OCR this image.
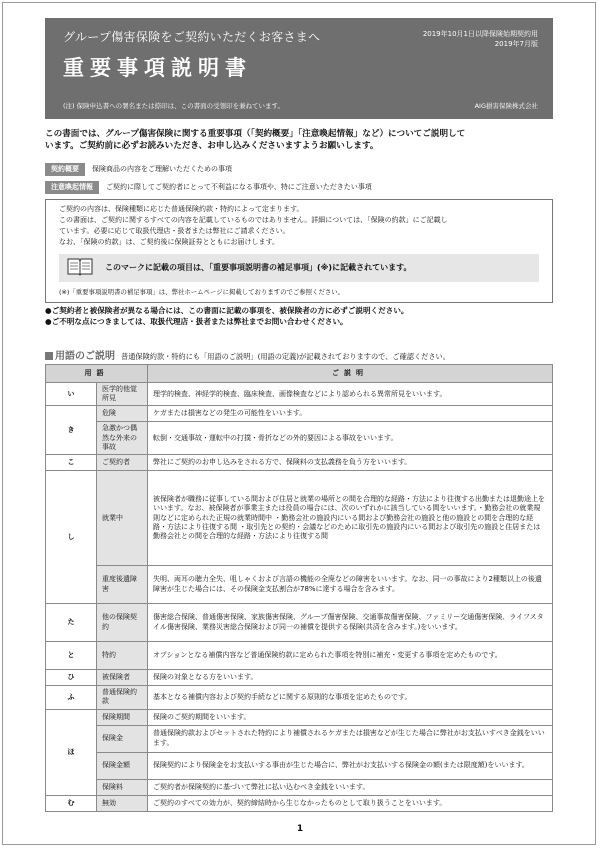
グループ傷害保険をご契約いただくお客さまへ
重要事項説明書
2019年10月1日以降保険始期契約用
2019年7月版
(注) 保険申込書への署名または捺印は、この書面の受領印を兼ねています。	AIG損害保険株式会社
この書面では、グループ傷害保険に関する重要事項（「契約概要」「注意喚起情報」など）についてご説明して
います。ご契約前に必ずお読みいただき、お申し込みくださいますようお願いします。
契約概要	保険商品の内容をご理解いただくための事項
注意喚起情報	ご契約に際してご契約者にとって不利益になる事項や、特にご注意いただきたい事項
ご契約の内容は、保険種類に応じた普通保険約款・特約によって定まります。
この書面は、ご契約に関するすべての内容を記載しているものではありません。詳細については、「保険の約款」にご記載し
ています。必要に応じて取扱代理店・扱者または弊社にご請求ください。
なお、「保険の約款」は、ご契約後に保険証券とともにお届けします。
このマークに記載の項目は、「重要事項説明書の補足事項」(※)に記載されています。
(※)「重要事項説明書の補足事項」は、弊社ホームページに掲載しておりますのでご参照ください。
●ご契約者と被保険者が異なる場合には、この書面に記載の事項を、被保険者の方に必ずご説明ください。
●ご不明な点につきましては、取扱代理店・扱者または弊社までお問い合わせください。
用語のご説明 普通保険約款・特約にも「用語のご説明」(用語の定義)が記載されておりますので、ご確認ください。
用語		ご説明
い	医学的他覚所見	理学的検査、神経学的検査、臨床検査、画像検査などにより認められる異常所見をいいます。
き	危険	ケガまたは損害などの発生の可能性をいいます。
	急激かつ偶然な外来の事故	転倒・交通事故・運転中の打撲・骨折などの外的要因による事故をいいます。
こ	ご契約者	弊社にご契約のお申し込みをされる方で、保険料の支払義務を負う方をいいます。
し	就業中	被保険者が職務に従事している間および住居と就業の場所との間を合理的な経路・方法により往復する出勤または退勤途上をいいます。なお、被保険者が事業主または役員の場合には、次のいずれかに該当している間をいいます。・勤務会社の就業規則などに定められた正規の就業時間中 ・勤務会社の施設内にいる間および勤務会社の施設と他の施設との間を合理的な経路・方法により往復する間 ・取引先との契約・会議などのために取引先の施設内にいる間および取引先の施設と住居または勤務会社との間を合理的な経路・方法により往復する間
	重度後遺障害	失明、両耳の聴力全失、咀しゃくおよび言語の機能の全廃などの障害をいいます。なお、同一の事故により2種類以上の後遺障害が生じた場合には、その保険金支払割合が78%に達する場合を含みます。
た	他の保険契約	傷害総合保険、普通傷害保険、家族傷害保険、グループ傷害保険、交通事故傷害保険、ファミリー交通傷害保険、ライフスタイル傷害保険、業務災害総合保険および同一の補償を提供する保険(共済を含みます。)をいいます。
と	特約	オプションとなる補償内容など普通保険約款に定められた事項を特別に補充・変更する事項を定めたものです。
ひ	被保険者	保険の対象となる方をいいます。
ふ	普通保険約款	基本となる補償内容および契約手続などに関する原則的な事項を定めたものです。
ほ	保険期間	保険のご契約期間をいいます。
	保険金	普通保険約款およびセットされた特約により補償されるケガまたは損害などが生じた場合に弊社がお支払いすべき金銭をいいます。
	保険金額	保険契約により保険金をお支払いする事由が生じた場合に、弊社がお支払いする保険金の額(または限度額)をいいます。
	保険料	ご契約者が保険契約に基づいて弊社に払い込むべき金銭をいいます。
む	無効	ご契約のすべての効力が、契約締結時から生じなかったものとして取り扱うことをいいます。
1
